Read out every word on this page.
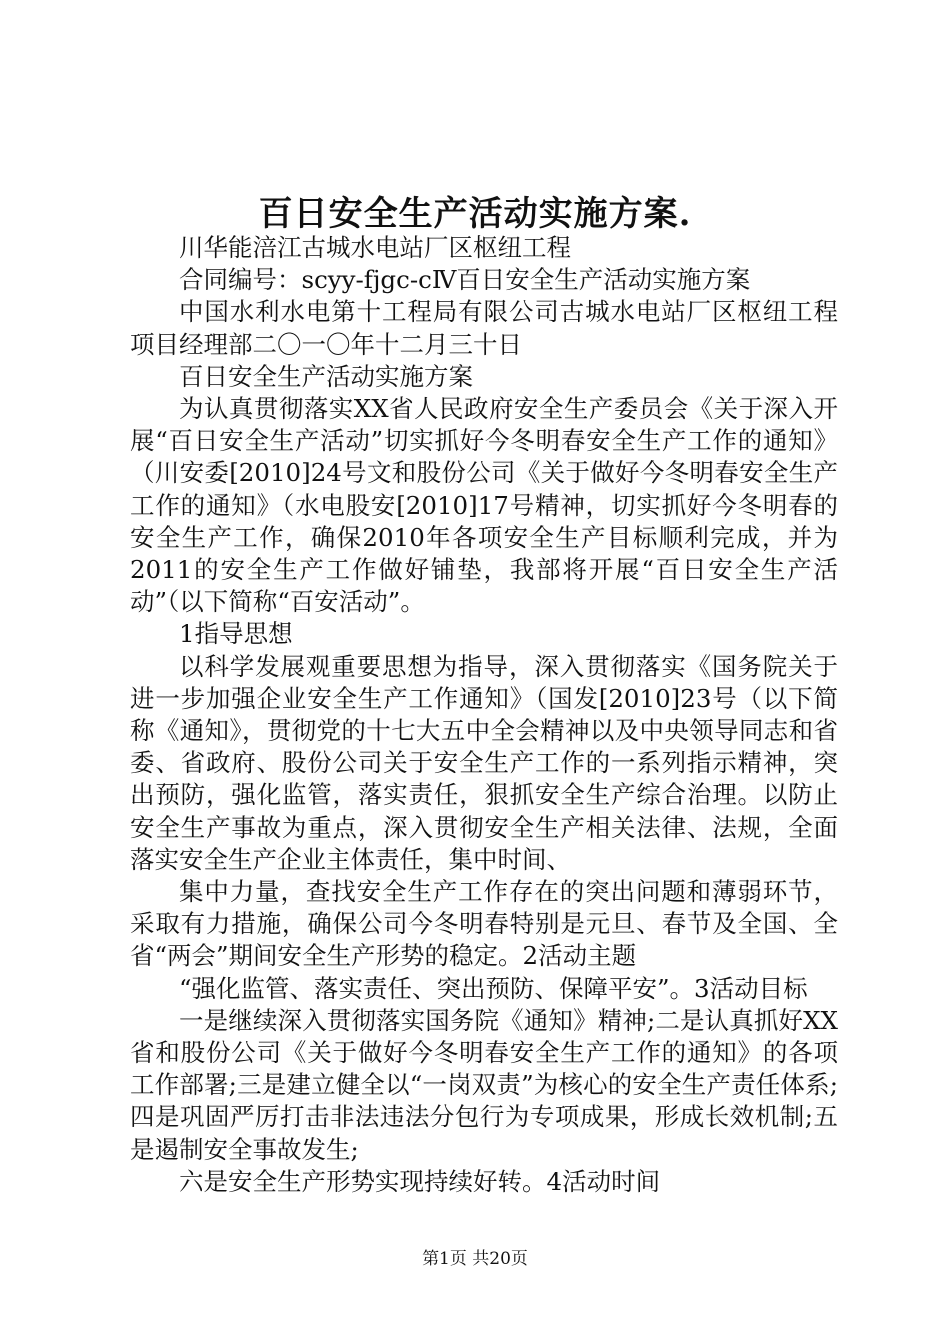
百日安全生产活动实施方案.

川华能涪江古城水电站厂区枢纽工程

合同编号：scyy-fjgc-cⅣ百日安全生产活动实施方案

中国水利水电第十工程局有限公司古城水电站厂区枢纽工程项目经理部二〇一〇年十二月三十日

百日安全生产活动实施方案

为认真贯彻落实XX省人民政府安全生产委员会《关于深入开展“百日安全生产活动”切实抓好今冬明春安全生产工作的通知》（川安委[2010]24号文和股份公司《关于做好今冬明春安全生产工作的通知》（水电股安[2010]17号精神，切实抓好今冬明春的安全生产工作，确保2010年各项安全生产目标顺利完成，并为2011的安全生产工作做好铺垫，我部将开展“百日安全生产活动”（以下简称“百安活动”。

1指导思想

以科学发展观重要思想为指导，深入贯彻落实《国务院关于进一步加强企业安全生产工作通知》（国发[2010]23号（以下简称《通知》，贯彻党的十七大五中全会精神以及中央领导同志和省委、省政府、股份公司关于安全生产工作的一系列指示精神，突出预防，强化监管，落实责任，狠抓安全生产综合治理。以防止安全生产事故为重点，深入贯彻安全生产相关法律、法规，全面落实安全生产企业主体责任，集中时间、

集中力量，查找安全生产工作存在的突出问题和薄弱环节，采取有力措施，确保公司今冬明春特别是元旦、春节及全国、全省“两会”期间安全生产形势的稳定。2活动主题

“强化监管、落实责任、突出预防、保障平安”。3活动目标

一是继续深入贯彻落实国务院《通知》精神;二是认真抓好XX省和股份公司《关于做好今冬明春安全生产工作的通知》的各项工作部署;三是建立健全以“一岗双责”为核心的安全生产责任体系;四是巩固严厉打击非法违法分包行为专项成果，形成长效机制;五是遏制安全事故发生;

六是安全生产形势实现持续好转。4活动时间

第1页 共20页
